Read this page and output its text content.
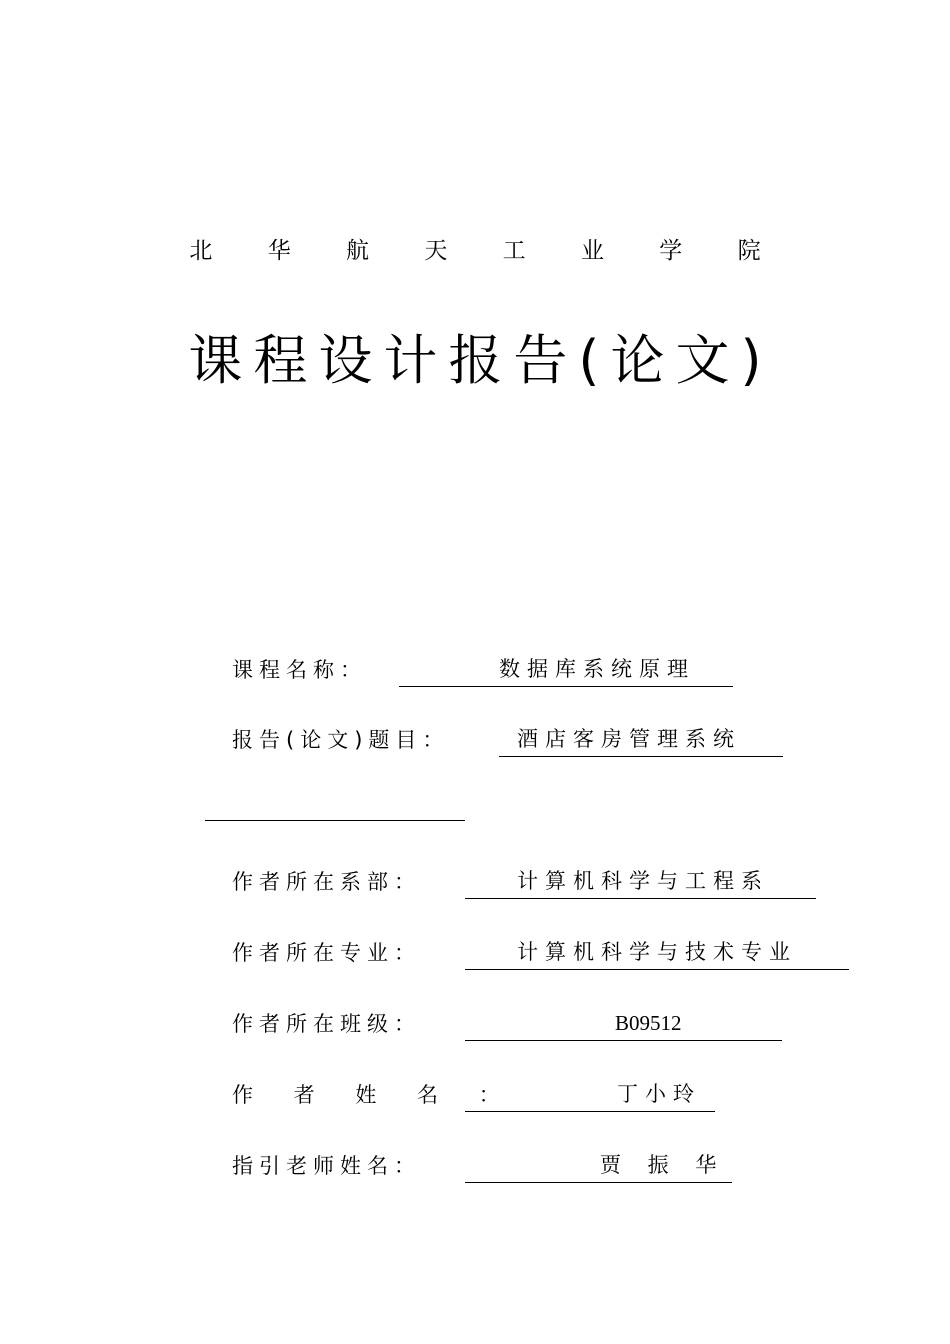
北 华 航 天 工 业 学 院
课程设计报告(论文)
课程名称：	数据库系统原理
报告(论文)题目：	酒店客房管理系统
作者所在系部：	计算机科学与工程系
作者所在专业：	计算机科学与技术专业
作者所在班级：	B09512
作 者 姓 名 ：	丁小玲
指引老师姓名：	贾 振 华
